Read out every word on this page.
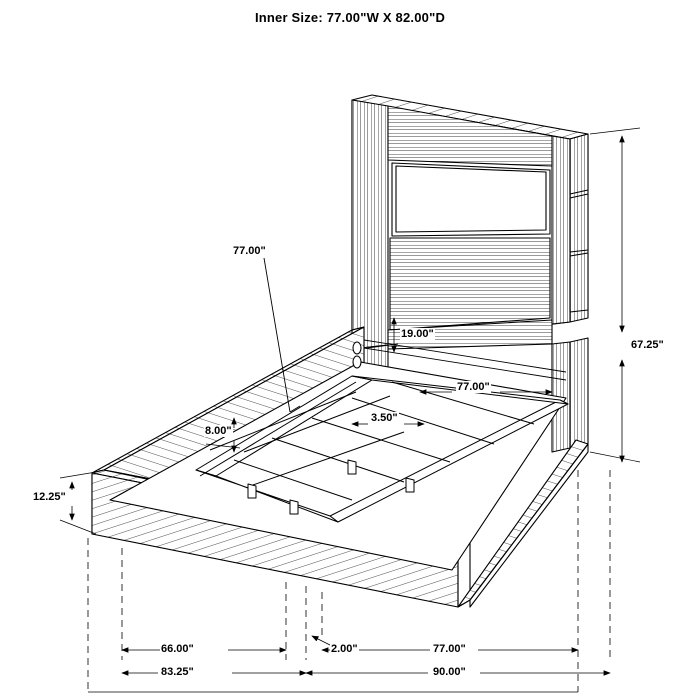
Inner Size: 77.00"W X 82.00"D
77.00"
67.25"
19.00"
77.00"
3.50"
8.00"
12.25"
66.00"	2.00"	77.00"
83.25"	90.00"
